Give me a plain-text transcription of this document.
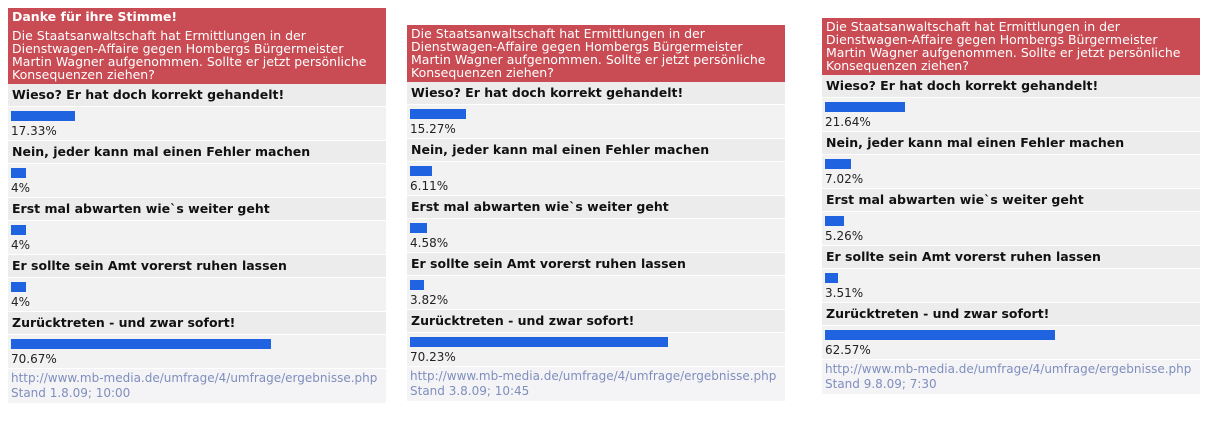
Danke für ihre Stimme!
Die Staatsanwaltschaft hat Ermittlungen in der Dienstwagen-Affaire gegen Hombergs Bürgermeister Martin Wagner aufgenommen. Sollte er jetzt persönliche Konsequenzen ziehen?
Wieso? Er hat doch korrekt gehandelt!
17.33%
Nein, jeder kann mal einen Fehler machen
4%
Erst mal abwarten wie`s weiter geht
4%
Er sollte sein Amt vorerst ruhen lassen
4%
Zurücktreten - und zwar sofort!
70.67%
http://www.mb-media.de/umfrage/4/umfrage/ergebnisse.php
Stand 1.8.09; 10:00
Die Staatsanwaltschaft hat Ermittlungen in der Dienstwagen-Affaire gegen Hombergs Bürgermeister Martin Wagner aufgenommen. Sollte er jetzt persönliche Konsequenzen ziehen?
Wieso? Er hat doch korrekt gehandelt!
15.27%
Nein, jeder kann mal einen Fehler machen
6.11%
Erst mal abwarten wie`s weiter geht
4.58%
Er sollte sein Amt vorerst ruhen lassen
3.82%
Zurücktreten - und zwar sofort!
70.23%
http://www.mb-media.de/umfrage/4/umfrage/ergebnisse.php
Stand 3.8.09; 10:45
Die Staatsanwaltschaft hat Ermittlungen in der Dienstwagen-Affaire gegen Hombergs Bürgermeister Martin Wagner aufgenommen. Sollte er jetzt persönliche Konsequenzen ziehen?
Wieso? Er hat doch korrekt gehandelt!
21.64%
Nein, jeder kann mal einen Fehler machen
7.02%
Erst mal abwarten wie`s weiter geht
5.26%
Er sollte sein Amt vorerst ruhen lassen
3.51%
Zurücktreten - und zwar sofort!
62.57%
http://www.mb-media.de/umfrage/4/umfrage/ergebnisse.php
Stand 9.8.09; 7:30
